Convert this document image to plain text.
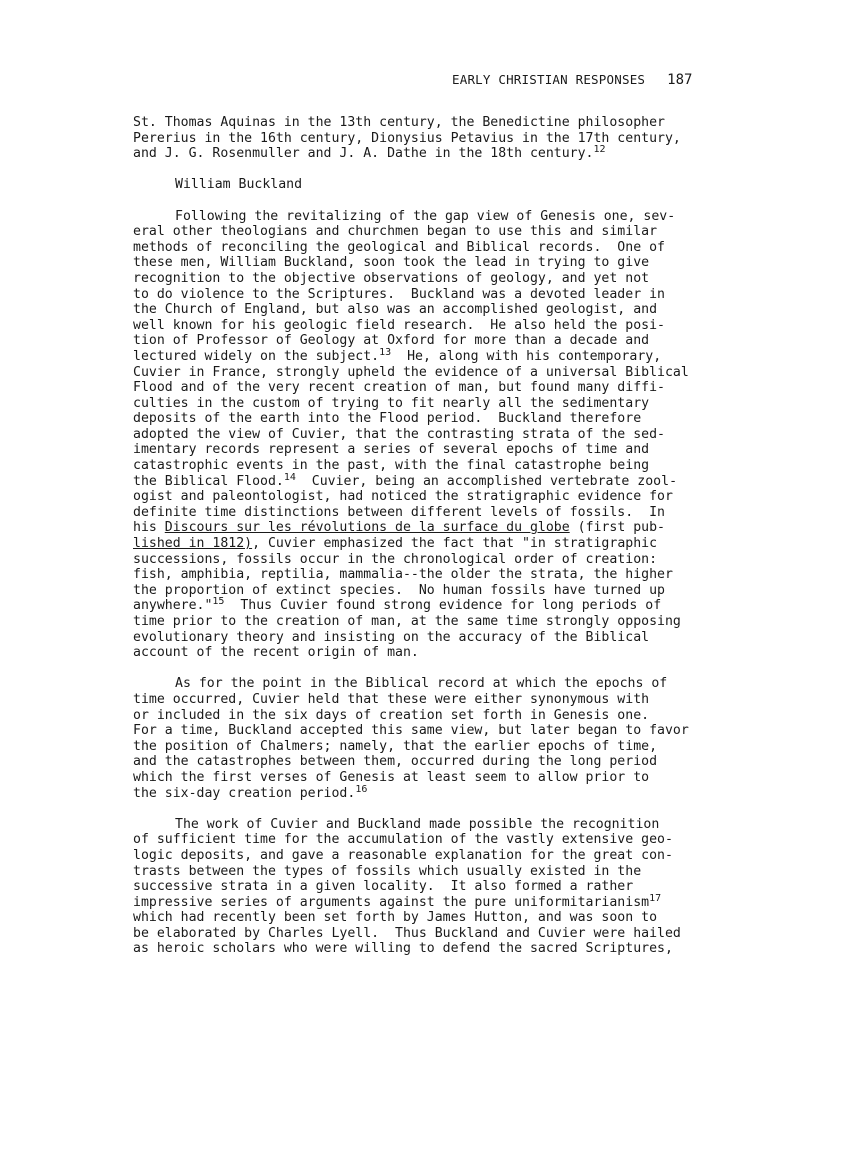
EARLY CHRISTIAN RESPONSES 187
St. Thomas Aquinas in the 13th century, the Benedictine philosopher
Pererius in the 16th century, Dionysius Petavius in the 17th century,
and J. G. Rosenmuller and J. A. Dathe in the 18th century.$^{12}$
William Buckland
Following the revitalizing of the gap view of Genesis one, sev-
eral other theologians and churchmen began to use this and similar
methods of reconciling the geological and Biblical records.  One of
these men, William Buckland, soon took the lead in trying to give
recognition to the objective observations of geology, and yet not
to do violence to the Scriptures.  Buckland was a devoted leader in
the Church of England, but also was an accomplished geologist, and
well known for his geologic field research.  He also held the posi-
tion of Professor of Geology at Oxford for more than a decade and
lectured widely on the subject.$^{13}$  He, along with his contemporary,
Cuvier in France, strongly upheld the evidence of a universal Biblical
Flood and of the very recent creation of man, but found many diffi-
culties in the custom of trying to fit nearly all the sedimentary
deposits of the earth into the Flood period.  Buckland therefore
adopted the view of Cuvier, that the contrasting strata of the sed-
imentary records represent a series of several epochs of time and
catastrophic events in the past, with the final catastrophe being
the Biblical Flood.$^{14}$  Cuvier, being an accomplished vertebrate zool-
ogist and paleontologist, had noticed the stratigraphic evidence for
definite time distinctions between different levels of fossils.  In
his Discours sur les révolutions de la surface du globe (first pub-
lished in 1812), Cuvier emphasized the fact that "in stratigraphic
successions, fossils occur in the chronological order of creation:
fish, amphibia, reptilia, mammalia--the older the strata, the higher
the proportion of extinct species.  No human fossils have turned up
anywhere."$^{15}$  Thus Cuvier found strong evidence for long periods of
time prior to the creation of man, at the same time strongly opposing
evolutionary theory and insisting on the accuracy of the Biblical
account of the recent origin of man.
As for the point in the Biblical record at which the epochs of
time occurred, Cuvier held that these were either synonymous with
or included in the six days of creation set forth in Genesis one.
For a time, Buckland accepted this same view, but later began to favor
the position of Chalmers; namely, that the earlier epochs of time,
and the catastrophes between them, occurred during the long period
which the first verses of Genesis at least seem to allow prior to
the six-day creation period.$^{16}$
The work of Cuvier and Buckland made possible the recognition
of sufficient time for the accumulation of the vastly extensive geo-
logic deposits, and gave a reasonable explanation for the great con-
trasts between the types of fossils which usually existed in the
successive strata in a given locality.  It also formed a rather
impressive series of arguments against the pure uniformitarianism$^{17}$
which had recently been set forth by James Hutton, and was soon to
be elaborated by Charles Lyell.  Thus Buckland and Cuvier were hailed
as heroic scholars who were willing to defend the sacred Scriptures,
